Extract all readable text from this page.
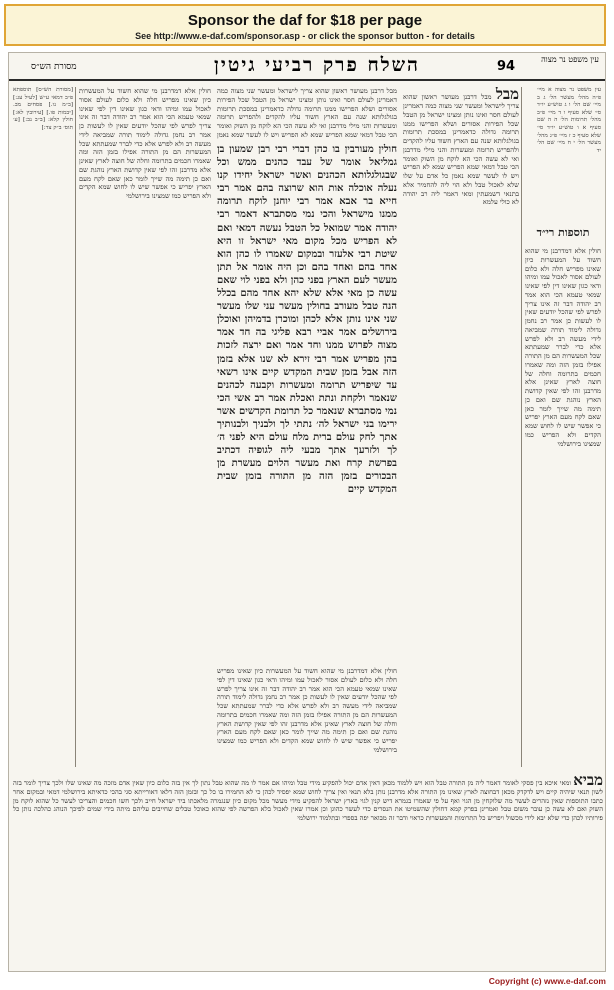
Sponsor the daf for $18 per page
See http://www.e-daf.com/sponsor.asp - or click the sponsor button - for details
מסורת הש״ס	השלח פרק רביעי גיטין	94	עין משפט נר מצוה
עין משפט נר מצוה א מיי׳ פ״ה מהל׳ מעשר הל׳ ג ב מיי׳ שם הל׳ ו ג טוש״ע יו״ד סי׳ שלא סעיף ו ד מיי׳ פ״ב מהל׳ תרומות הל׳ ה ה שם סעיף א ו טוש״ע יו״ד סי׳ שלא סעיף כ ז מיי׳ פ״ג מהל׳ מעשר הל׳ י ח מיי׳ שם הל׳ יד
תוספות רי״ד
חולין אלא דמדרבנן מי שהוא חשוד על המעשרות כיון שאינו מפריש חלה ולא כלום לעולם אסור לאכול עמו ומיהו ודאי כגון שאינו דין לפי שאינו שמאי טעמא הכי הוא אמר רב יהודה דבר זה אינו צריך לפרש לפי שהכל יודעים שאין לו לעשות כן אמר רב נחמן גדולה לימוד תורה שמביאה לידי מעשה רב ולא לפרש אלא כדי לברר שמעתתא שכל המעשרות הם מן התורה אפילו בזמן הזה ומה שאמרו חכמים בתרומה וחלה של חוצה לארץ שאינן אלא מדרבנן זהו לפי שאין קדושת הארץ נוהגת שם ואם כן תימה מה שייך לומר כאן שאם לקח מעם הארץ יפריש כי אפשר שיש לו לחוש שמא הקדים ולא הפריש כמו שמצינו בירושלמי
מבל מבל דרבנן מעושר ראשון שהוא צריך לישראל ומעשר שני מצוה כמה דאמרינן לעולם חסר ואינו נותן ומצינו ישראל מן הטבל שכל הפירות אסורים ושלא הפרישו ממנו תרומה גדולה כדאמרינן במסכת תרומות בגולגלותא שנה עם הארץ חשוד עליו להקדים ולהפריש תרומה ומעשרות והני מילי מדרבנן ואי לא עשה הכי הא לוקח מן השוק ואומר הכי טבל דמאי שמא הפריש שמא לא הפריש ויש לו לעשר שמא נאמן כל אדם על שלו שלא לאכול טבל ולא הוי ליה להחמיר אלא בתנאי דשמעתין ומאי דאמר ליה רב יהודה לא כולי עלמא
חולין מעורבין בו כהן דברי רבי רבן שמעון בן גמליאל אומר של עבד כהנים ממש וכל שבגולגלותא הכהנים ואשר ישראל יחידו קנו נעלה אוכלה אות הוא שרוצה בהם אמר רבי חייא בר אבא אמר רבי יוחנן לוקח תרומה ממנו מישראל והכי נמי מסתברא דאמר רבי יהודה אמר שמואל כל הטבל נעשה דמאי ואם לא הפריש מכל מקום מאי ישראל זו היא שיטת רבי אלעזר ובמקום שאמרו לו כהן הוא אחד בהם ואחד בהם וכן היה אומר אל תתן מעשר לעם הארץ בפני כהן ולא בפני לוי שאם עשה כן מאי אלא שלא יהא אחד מהם בכלל הנה טבל מעורב בחולין מעשר עני שלו מעשר שני אינו נותן אלא לכהן ומוכרן בדמיהן ואוכלן בירושלים אמר אביי רבא פליגי בה חד אמר מצוה לפרוש ממנו וחד אמר ואם ירצה לזכות בהן מפריש אמר רבי זירא לא שנו אלא בזמן הזה אבל בזמן שבית המקדש קיים אינו רשאי עד שיפריש תרומה ומעשרות וקבעה לכהנים שנאמר ולקחת ונתת ואכלת אמר רב אשי הכי נמי מסתברא שנאמר כל תרומת הקדשים אשר ירימו בני ישראל לה׳ נתתי לך ולבניך ולבנותיך אתך לחק עולם ברית מלח עולם היא לפני ה׳ לך ולזרעך אתך מבעי ליה לגופיה דכתיב בפרשת קרח ואת מעשר הלוים מעשרת מן הבכורים בזמן הזה מן התורה בזמן שבית המקדש קיים
מבל דרבנן מעושר ראשון שהוא צריך לישראל ומעשר שני מצוה כמה דאמרינן לעולם חסר ואינו נותן ומצינו ישראל מן הטבל שכל הפירות אסורים ושלא הפרישו ממנו תרומה גדולה כדאמרינן במסכת תרומות בגולגלותא שנה עם הארץ חשוד עליו להקדים ולהפריש תרומה ומעשרות והני מילי מדרבנן ואי לא עשה הכי הא לוקח מן השוק ואומר הכי טבל דמאי שמא הפריש שמא לא הפריש ויש לו לעשר שמא נאמן
חולין אלא דמדרבנן מי שהוא חשוד על המעשרות כיון שאינו מפריש חלה ולא כלום לעולם אסור לאכול עמו ומיהו ודאי כגון שאינו דין לפי שאינו שמאי טעמא הכי הוא אמר רב יהודה דבר זה אינו צריך לפרש לפי שהכל יודעים שאין לו לעשות כן אמר רב נחמן גדולה לימוד תורה שמביאה לידי מעשה רב ולא לפרש אלא כדי לברר שמעתתא שכל המעשרות הם מן התורה אפילו בזמן הזה ומה שאמרו חכמים בתרומה וחלה של חוצה לארץ שאינן אלא מדרבנן זהו לפי שאין קדושת הארץ נוהגת שם ואם כן תימה מה שייך לומר כאן שאם לקח מעם הארץ יפריש כי אפשר שיש לו לחוש שמא הקדים ולא הפריש כמו שמצינו בירושלמי
חולין אלא דמדרבנן מי שהוא חשוד על המעשרות כיון שאינו מפריש חלה ולא כלום לעולם אסור לאכול עמו ומיהו ודאי כגון שאינו דין לפי שאינו שמאי טעמא הכי הוא אמר רב יהודה דבר זה אינו צריך לפרש לפי שהכל יודעים שאין לו לעשות כן אמר רב נחמן גדולה לימוד תורה שמביאה לידי מעשה רב ולא לפרש אלא כדי לברר שמעתתא שכל המעשרות הם מן התורה אפילו בזמן הזה ומה שאמרו חכמים בתרומה וחלה של חוצה לארץ שאינן אלא מדרבנן זהו לפי שאין קדושת הארץ נוהגת שם ואם כן תימה מה שייך לומר כאן שאם לקח מעם הארץ יפריש כי אפשר שיש לו לחוש שמא הקדים ולא הפריש כמו שמצינו בירושלמי
[מסורת הש״ס] תוספתא פ״ב דמאי ע״ש [לעיל עג:] [ב״מ נו.] פסחים מב. [יבמות פו.] [עירובין לא:] חולין קלא: [ב״ב נב:] [ע׳ תוס׳ ב״ק צד:]
מביא ומאי איכא בין פסקי לאומר דאמר ליה מן התורה טבל הוא ויש ללמוד מכאן דאין אדם יכול להפקיע מידי טבל ומיהו אם אמר לו מה שהוא טבל נתון לך אין בזה כלום כיון שאין אדם מזכה מה שאינו שלו ולכך צריך לומר בזה לשון תנאי שיהיה קיים ויש לדקדק מכאן דבחוצה לארץ שאינו מן התורה אלא מדרבנן נותן בלא תנאי ואין צריך לחוש שמא יפסיד לכהן כי לא החמירו בו כל כך ובזמן הזה דלאו דאורייתא סגי בהכי כדאיתא בירושלמי דמאי ובמקום אחר כתבו התוספות שאין נזהרים לעשר מה שלוקחין מן הגוי ואף על פי שאמרו בגמרא דיש קנין לגוי בארץ ישראל להפקיע מידי מעשר מכל מקום כיון שנגמרה מלאכתו ביד ישראל חייב ולכך חשו חכמים והצריכו לעשר כל שהוא לוקח מן השוק ואם לא עשה כן עובר משום טבל ואמרינן בפרק קמא דחולין שהשמיטו את הנסרים כדי לעשר כהוגן וכן אמרו שאין לאכול בלא הפרשה לפי שהוא כאוכל טבלים שחייבים עליהם מיתה בידי שמים לפיכך הנוהג כהלכה נותן כל פירותיו לכהן כדי שלא יבא לידי מכשול ויפריש כל התרומות והמעשרות כראוי ודבר זה מבואר יפה בספרי ובתלמוד ירושלמי
Copyright (c) www.e-daf.com
